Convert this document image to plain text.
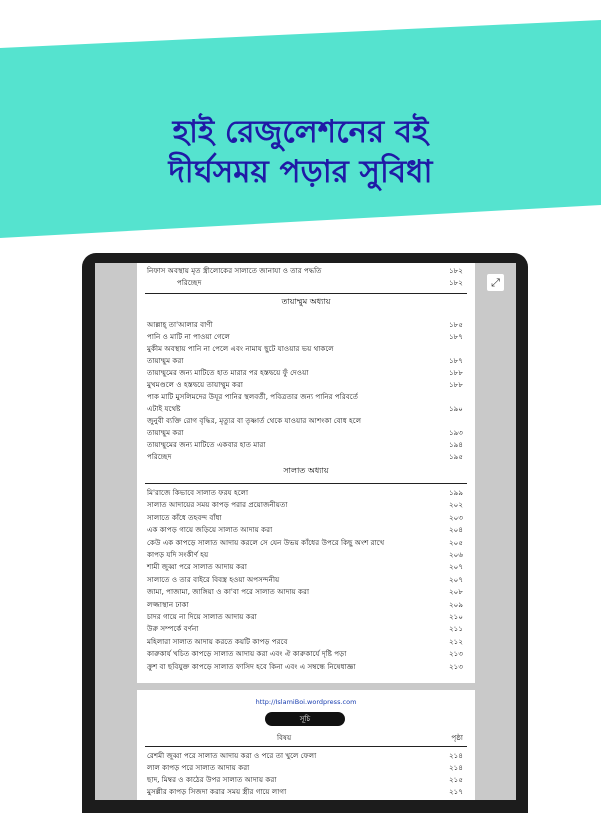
হাই রেজুলেশনের বই
দীর্ঘসময় পড়ার সুবিধা
নিফাস অবস্থায় মৃত স্ত্রীলোকের সালাতে জানাযা ও তার পদ্ধতি	১৮২
পরিচ্ছেদ	১৮২
তায়াম্মুম অধ্যায়
আল্লাহ্ তা'আলার বাণী	১৮৫
পানি ও মাটি না পাওয়া গেলে	১৮৭
মুকীম অবস্থায় পানি না পেলে এবং নামায ছুটে যাওয়ার ভয় থাকলে
তায়াম্মুম করা	১৮৭
তায়াম্মুমের জন্য মাটিতে হাত মারার পর হস্তদ্বয়ে ফুঁ দেওয়া	১৮৮
মুখমণ্ডলে ও হস্তদ্বয়ে তায়াম্মুম করা	১৮৮
পাক মাটি মুসলিমদের উযূর পানির স্থলবর্তী, পবিত্রতার জন্য পানির পরিবর্তে
এটাই যথেষ্ট	১৯০
জুনুবী ব্যক্তি রোগ বৃদ্ধির, মৃত্যুর বা তৃষ্ণার্ত থেকে যাওয়ার আশংকা বোধ হলে
তায়াম্মুম করা	১৯৩
তায়াম্মুমের জন্য মাটিতে একবার হাত মারা	১৯৪
পরিচ্ছেদ	১৯৫
সালাত অধ্যায়
মি'রাজে কিভাবে সালাত ফরয হলো	১৯৯
সালাত আদায়ের সময় কাপড় পরার প্রয়োজনীয়তা	২০২
সালাতে কাঁধে তহবন্দ বাঁধা	২০৩
এক কাপড় গায়ে জড়িয়ে সালাত আদায় করা	২০৪
কেউ এক কাপড়ে সালাত আদায় করলে সে যেন উভয় কাঁধের উপরে কিছু অংশ রাখে	২০৫
কাপড় যদি সংকীর্ণ হয়	২০৬
শামী জুব্বা পরে সালাত আদায় করা	২০৭
সালাতে ও তার বাইরে বিবস্ত্র হওয়া অপসন্দনীয়	২০৭
জামা, পাজামা, জাঙ্গিয়া ও কা'বা পরে সালাত আদায় করা	২০৮
লজ্জাস্থান ঢাকা	২০৯
চাদর গায়ে না দিয়ে সালাত আদায় করা	২১০
উরু সম্পর্কে বর্ণনা	২১১
মহিলারা সালাত আদায় করতে কয়টি কাপড় পরবে	২১২
কারুকার্য খচিত কাপড়ে সালাত আদায় করা এবং ঐ কারুকার্যে দৃষ্টি পড়া	২১৩
ক্রুশ বা ছবিযুক্ত কাপড়ে সালাত ফাসিদ হবে কিনা এবং এ সম্বন্ধে নিষেধাজ্ঞা	২১৩
http://IslamiBoi.wordpress.com
সূচি
বিষয়	পৃষ্ঠা
রেশমী জুব্বা পরে সালাত আদায় করা ও পরে তা খুলে ফেলা	২১৪
লাল কাপড় পরে সালাত আদায় করা	২১৪
ছাদ, মিম্বর ও কাঠের উপর সালাত আদায় করা	২১৫
মুসল্লীর কাপড় সিজদা করার সময় স্ত্রীর গায়ে লাগা	২১৭
⤢
